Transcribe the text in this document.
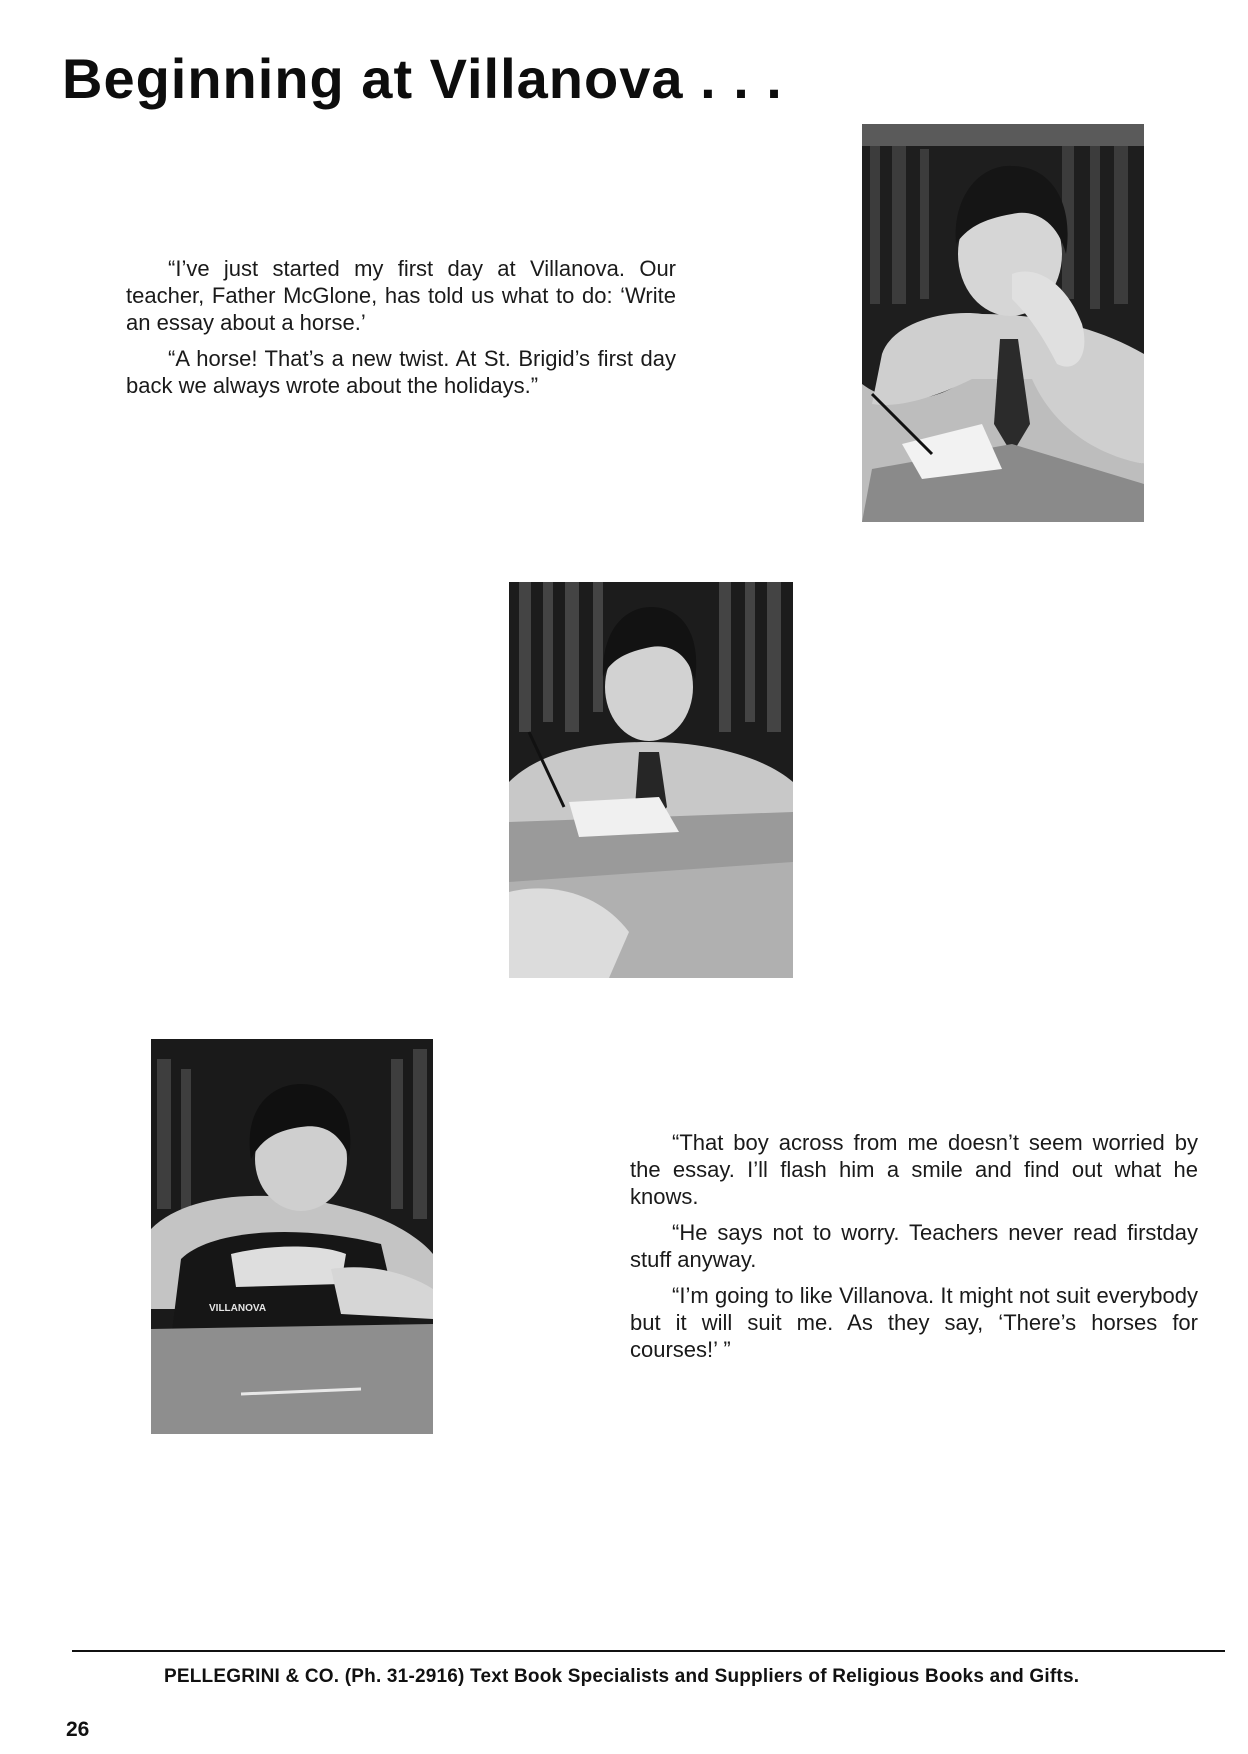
Beginning at Villanova . . .

“I’ve just started my first day at Villanova. Our teacher, Father McGlone, has told us what to do: ‘Write an essay about a horse.’

“A horse! That’s a new twist. At St. Brigid’s first day back we always wrote about the holidays.”

VILLANOVA

“That boy across from me doesn’t seem worried by the essay. I’ll flash him a smile and find out what he knows.

“He says not to worry. Teachers never read firstday stuff anyway.

“I’m going to like Villanova. It might not suit everybody but it will suit me. As they say, ‘There’s horses for courses!’ ”

PELLEGRINI & CO. (Ph. 31-2916) Text Book Specialists and Suppliers of Religious Books and Gifts.
26
